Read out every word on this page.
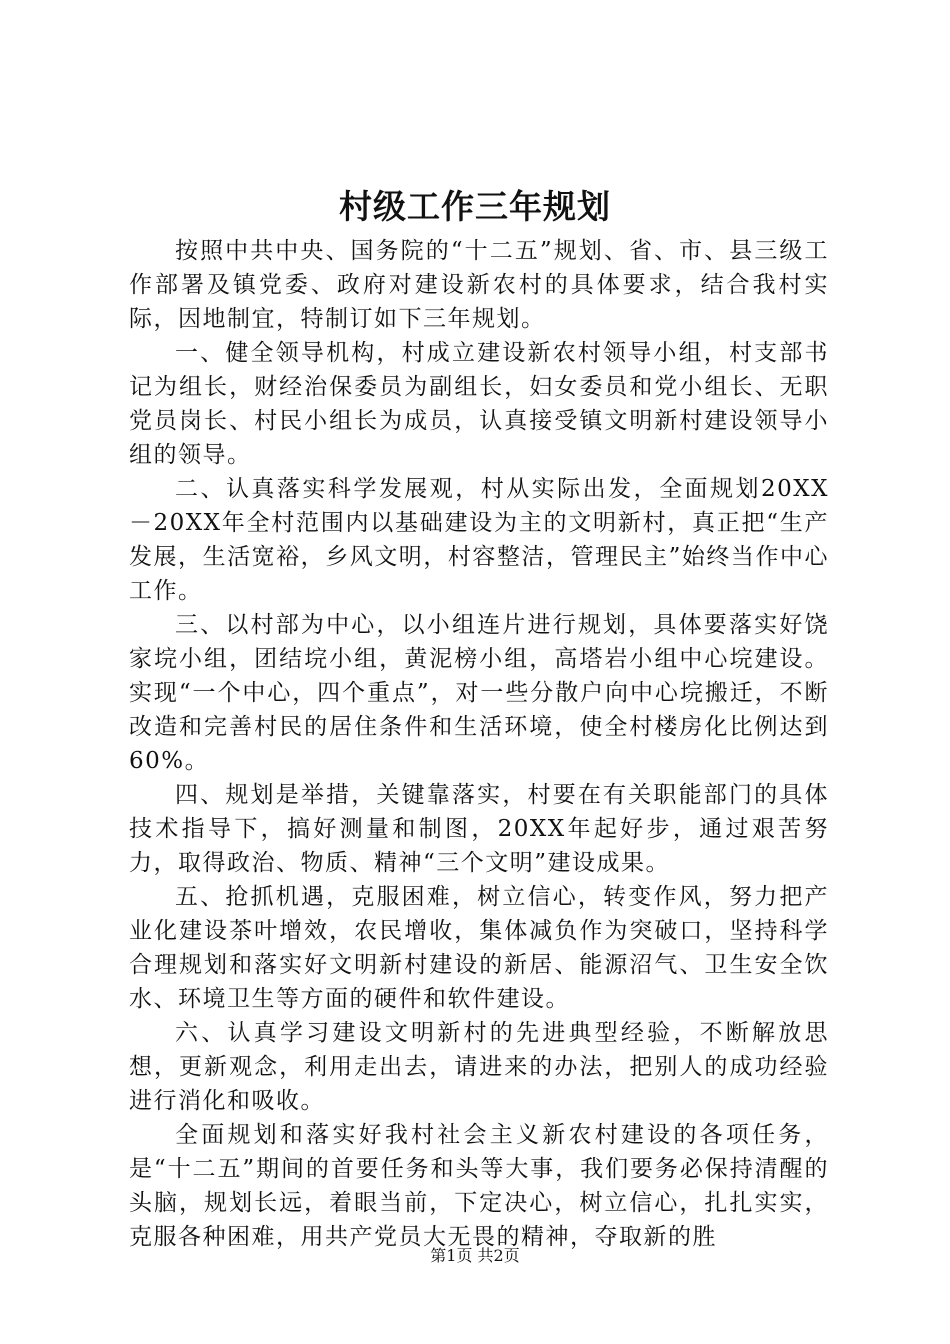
村级工作三年规划

按照中共中央、国务院的“十二五”规划、省、市、县三级工作部署及镇党委、政府对建设新农村的具体要求，结合我村实际，因地制宜，特制订如下三年规划。

一、健全领导机构，村成立建设新农村领导小组，村支部书记为组长，财经治保委员为副组长，妇女委员和党小组长、无职党员岗长、村民小组长为成员，认真接受镇文明新村建设领导小组的领导。

二、认真落实科学发展观，村从实际出发，全面规划20XX－20XX年全村范围内以基础建设为主的文明新村，真正把“生产发展，生活宽裕，乡风文明，村容整洁，管理民主”始终当作中心工作。

三、以村部为中心，以小组连片进行规划，具体要落实好饶家垸小组，团结垸小组，黄泥榜小组，高塔岩小组中心垸建设。实现“一个中心，四个重点”，对一些分散户向中心垸搬迁，不断改造和完善村民的居住条件和生活环境，使全村楼房化比例达到60%。

四、规划是举措，关键靠落实，村要在有关职能部门的具体技术指导下，搞好测量和制图，20XX年起好步，通过艰苦努力，取得政治、物质、精神“三个文明”建设成果。

五、抢抓机遇，克服困难，树立信心，转变作风，努力把产业化建设茶叶增效，农民增收，集体减负作为突破口，坚持科学合理规划和落实好文明新村建设的新居、能源沼气、卫生安全饮水、环境卫生等方面的硬件和软件建设。

六、认真学习建设文明新村的先进典型经验，不断解放思想，更新观念，利用走出去，请进来的办法，把别人的成功经验进行消化和吸收。

全面规划和落实好我村社会主义新农村建设的各项任务，是“十二五”期间的首要任务和头等大事，我们要务必保持清醒的头脑，规划长远，着眼当前，下定决心，树立信心，扎扎实实，克服各种困难，用共产党员大无畏的精神，夺取新的胜

第1页 共2页
